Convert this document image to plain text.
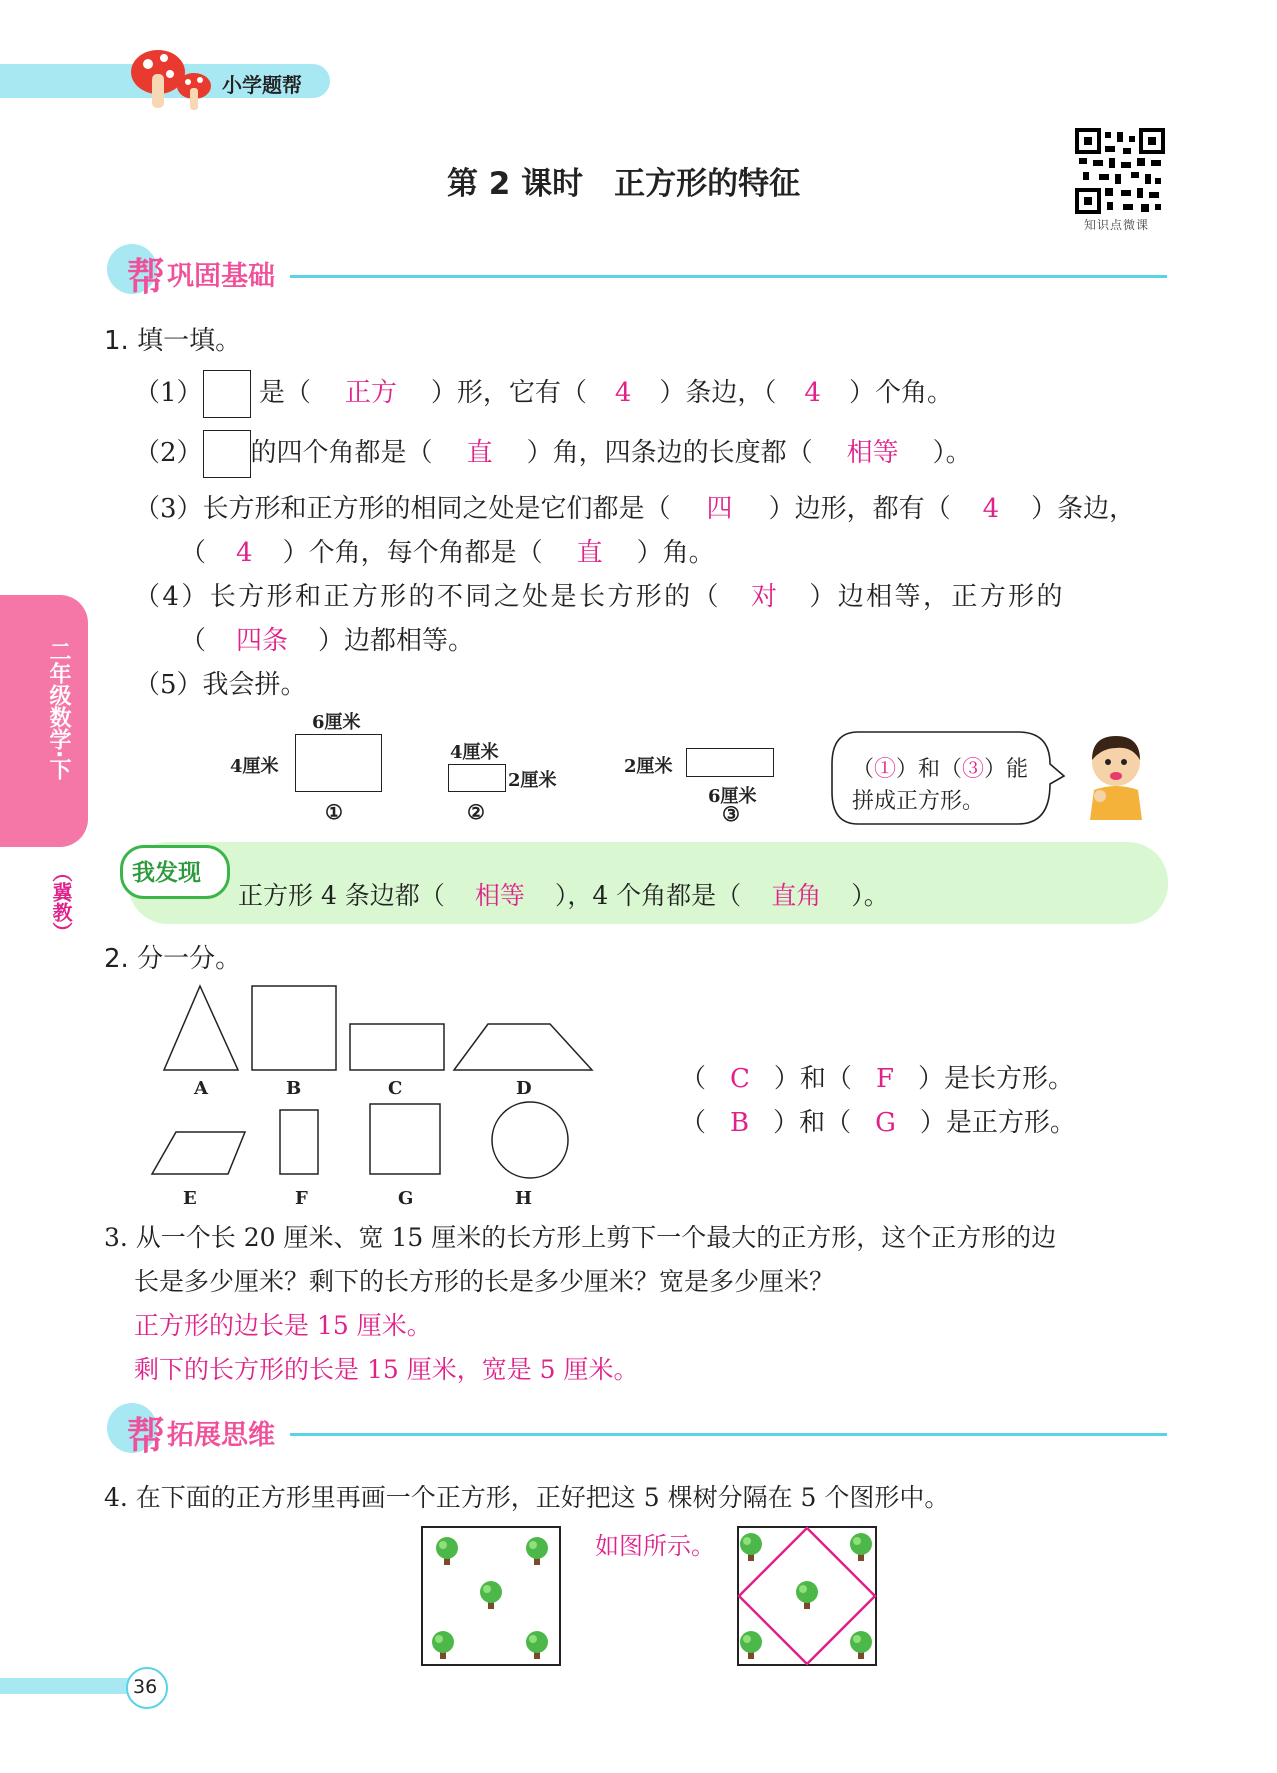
小学题帮
第 2 课时　正方形的特征
知识点微课
二年级数学·下
（冀教）
帮 巩固基础
1. 填一填。
（1） 是（ 正方 ）形，它有（ 4 ）条边，（ 4 ）个角。
（2） 的四个角都是（ 直 ）角，四条边的长度都（ 相等 ）。
（3）长方形和正方形的相同之处是它们都是（ 四 ）边形，都有（ 4 ）条边，
（ 4 ）个角，每个角都是（ 直 ）角。
（4）长方形和正方形的不同之处是长方形的（ 对 ）边相等，正方形的
（ 四条 ）边都相等。
（5）我会拼。
6厘米
4厘米
①
4厘米
2厘米
②
2厘米
6厘米
③
（①）和（③）能
拼成正方形。
我发现
正方形 4 条边都（ 相等 ），4 个角都是（ 直角 ）。
2. 分一分。
A	B	C	D
E	F	G	H
（ C ）和（ F ）是长方形。
（ B ）和（ G ）是正方形。
3. 从一个长 20 厘米、宽 15 厘米的长方形上剪下一个最大的正方形，这个正方形的边
长是多少厘米？剩下的长方形的长是多少厘米？宽是多少厘米？
正方形的边长是 15 厘米。
剩下的长方形的长是 15 厘米，宽是 5 厘米。
帮 拓展思维
4. 在下面的正方形里再画一个正方形，正好把这 5 棵树分隔在 5 个图形中。
如图所示。
36
